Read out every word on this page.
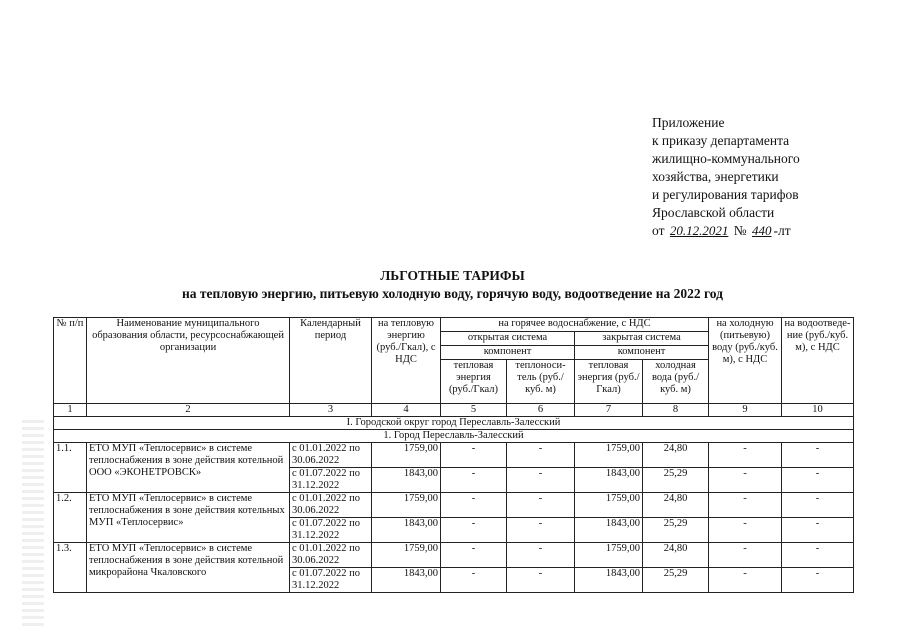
Приложение
к приказу департамента
жилищно-коммунального
хозяйства, энергетики
и регулирования тарифов
Ярославской области
от 20.12.2021 № 440 -лт
ЛЬГОТНЫЕ ТАРИФЫ
на тепловую энергию, питьевую холодную воду, горячую воду, водоотведение на 2022 год
№ п/п	Наименование муниципального образования области, ресурсоснабжающей организации	Календарный период	на тепловую энергию (руб./Гкал), с НДС	на горячее водоснабжение, с НДС				на холодную (питьевую) воду (руб./куб. м), с НДС	на водоотведе-ние (руб./куб. м), с НДС
				открытая система		закрытая система			
				компонент		компонент			
				тепловая энергия (руб./Гкал)	теплоноси-тель (руб./куб. м)	тепловая энергия (руб./Гкал)	холодная вода (руб./куб. м)		
1	2	3	4	5	6	7	8	9	10
I. Городской округ город Переславль-Залесский									
1. Город Переславль-Залесский									
1.1.	ЕТО МУП «Теплосервис» в системе теплоснабжения в зоне действия котельной ООО «ЭКОНЕТРОВСК»	с 01.01.2022 по 30.06.2022	1759,00	-	-	1759,00	24,80	-	-
		с 01.07.2022 по 31.12.2022	1843,00	-	-	1843,00	25,29	-	-
1.2.	ЕТО МУП «Теплосервис» в системе теплоснабжения в зоне действия котельных МУП «Теплосервис»	с 01.01.2022 по 30.06.2022	1759,00	-	-	1759,00	24,80	-	-
		с 01.07.2022 по 31.12.2022	1843,00	-	-	1843,00	25,29	-	-
1.3.	ЕТО МУП «Теплосервис» в системе теплоснабжения в зоне действия котельной микрорайона Чкаловского	с 01.01.2022 по 30.06.2022	1759,00	-	-	1759,00	24,80	-	-
		с 01.07.2022 по 31.12.2022	1843,00	-	-	1843,00	25,29	-	-
